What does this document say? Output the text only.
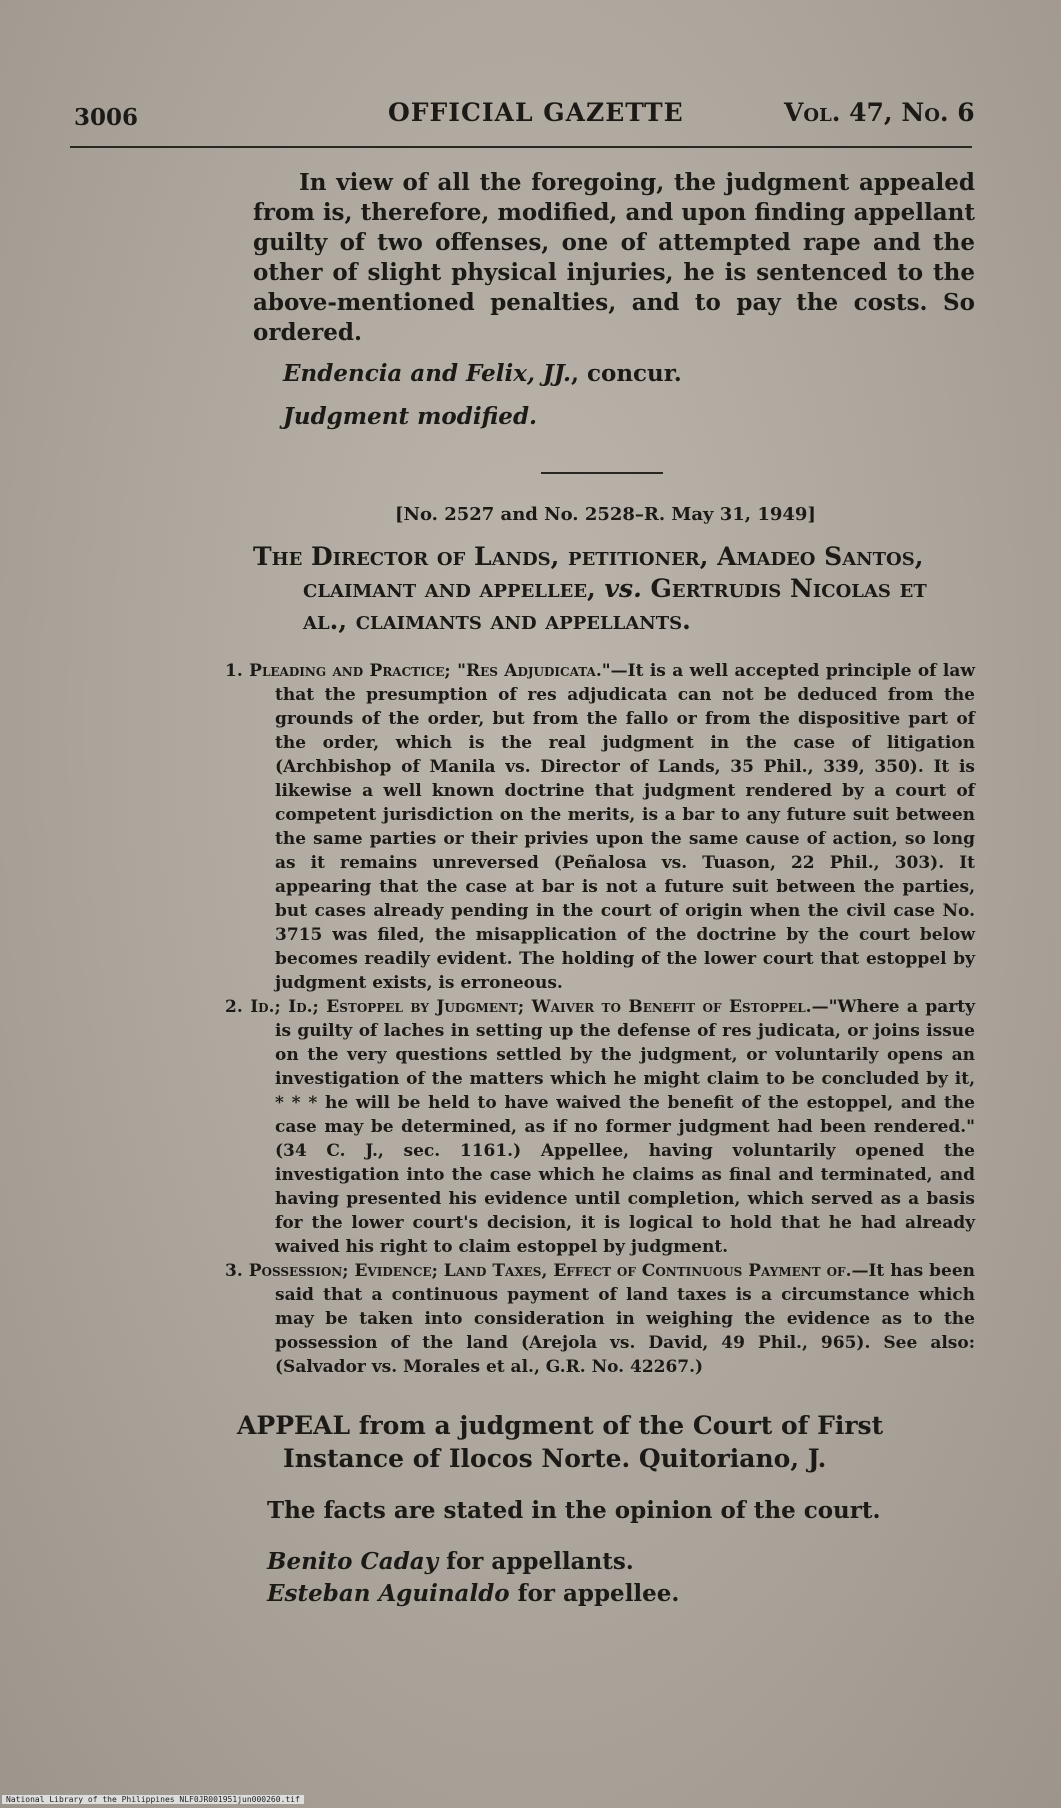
3006	OFFICIAL GAZETTE	Vol. 47, No. 6

In view of all the foregoing, the judgment appealed from is, therefore, modified, and upon finding appellant guilty of two offenses, one of attempted rape and the other of slight physical injuries, he is sentenced to the above-mentioned penalties, and to pay the costs. So ordered.

Endencia and Felix, JJ., concur.
Judgment modified.
[No. 2527 and No. 2528–R. May 31, 1949]
The Director of Lands, petitioner, Amadeo Santos, claimant and appellee, vs. Gertrudis Nicolas et al., claimants and appellants.

1. Pleading and Practice; "Res Adjudicata."—It is a well accepted principle of law that the presumption of res adjudicata can not be deduced from the grounds of the order, but from the fallo or from the dispositive part of the order, which is the real judgment in the case of litigation (Archbishop of Manila vs. Director of Lands, 35 Phil., 339, 350). It is likewise a well known doctrine that judgment rendered by a court of competent jurisdiction on the merits, is a bar to any future suit between the same parties or their privies upon the same cause of action, so long as it remains unreversed (Peñalosa vs. Tuason, 22 Phil., 303). It appearing that the case at bar is not a future suit between the parties, but cases already pending in the court of origin when the civil case No. 3715 was filed, the misapplication of the doctrine by the court below becomes readily evident. The holding of the lower court that estoppel by judgment exists, is erroneous.

2. Id.; Id.; Estoppel by Judgment; Waiver to Benefit of Estoppel.—"Where a party is guilty of laches in setting up the defense of res judicata, or joins issue on the very questions settled by the judgment, or voluntarily opens an investigation of the matters which he might claim to be concluded by it, * * * he will be held to have waived the benefit of the estoppel, and the case may be determined, as if no former judgment had been rendered." (34 C. J., sec. 1161.) Appellee, having voluntarily opened the investigation into the case which he claims as final and terminated, and having presented his evidence until completion, which served as a basis for the lower court's decision, it is logical to hold that he had already waived his right to claim estoppel by judgment.

3. Possession; Evidence; Land Taxes, Effect of Continuous Payment of.—It has been said that a continuous payment of land taxes is a circumstance which may be taken into consideration in weighing the evidence as to the possession of the land (Arejola vs. David, 49 Phil., 965). See also: (Salvador vs. Morales et al., G.R. No. 42267.)

APPEAL from a judgment of the Court of First Instance of Ilocos Norte. Quitoriano, J.
The facts are stated in the opinion of the court.
Benito Caday for appellants.
Esteban Aguinaldo for appellee.
National Library of the Philippines NLF0JR001951jun000260.tif
